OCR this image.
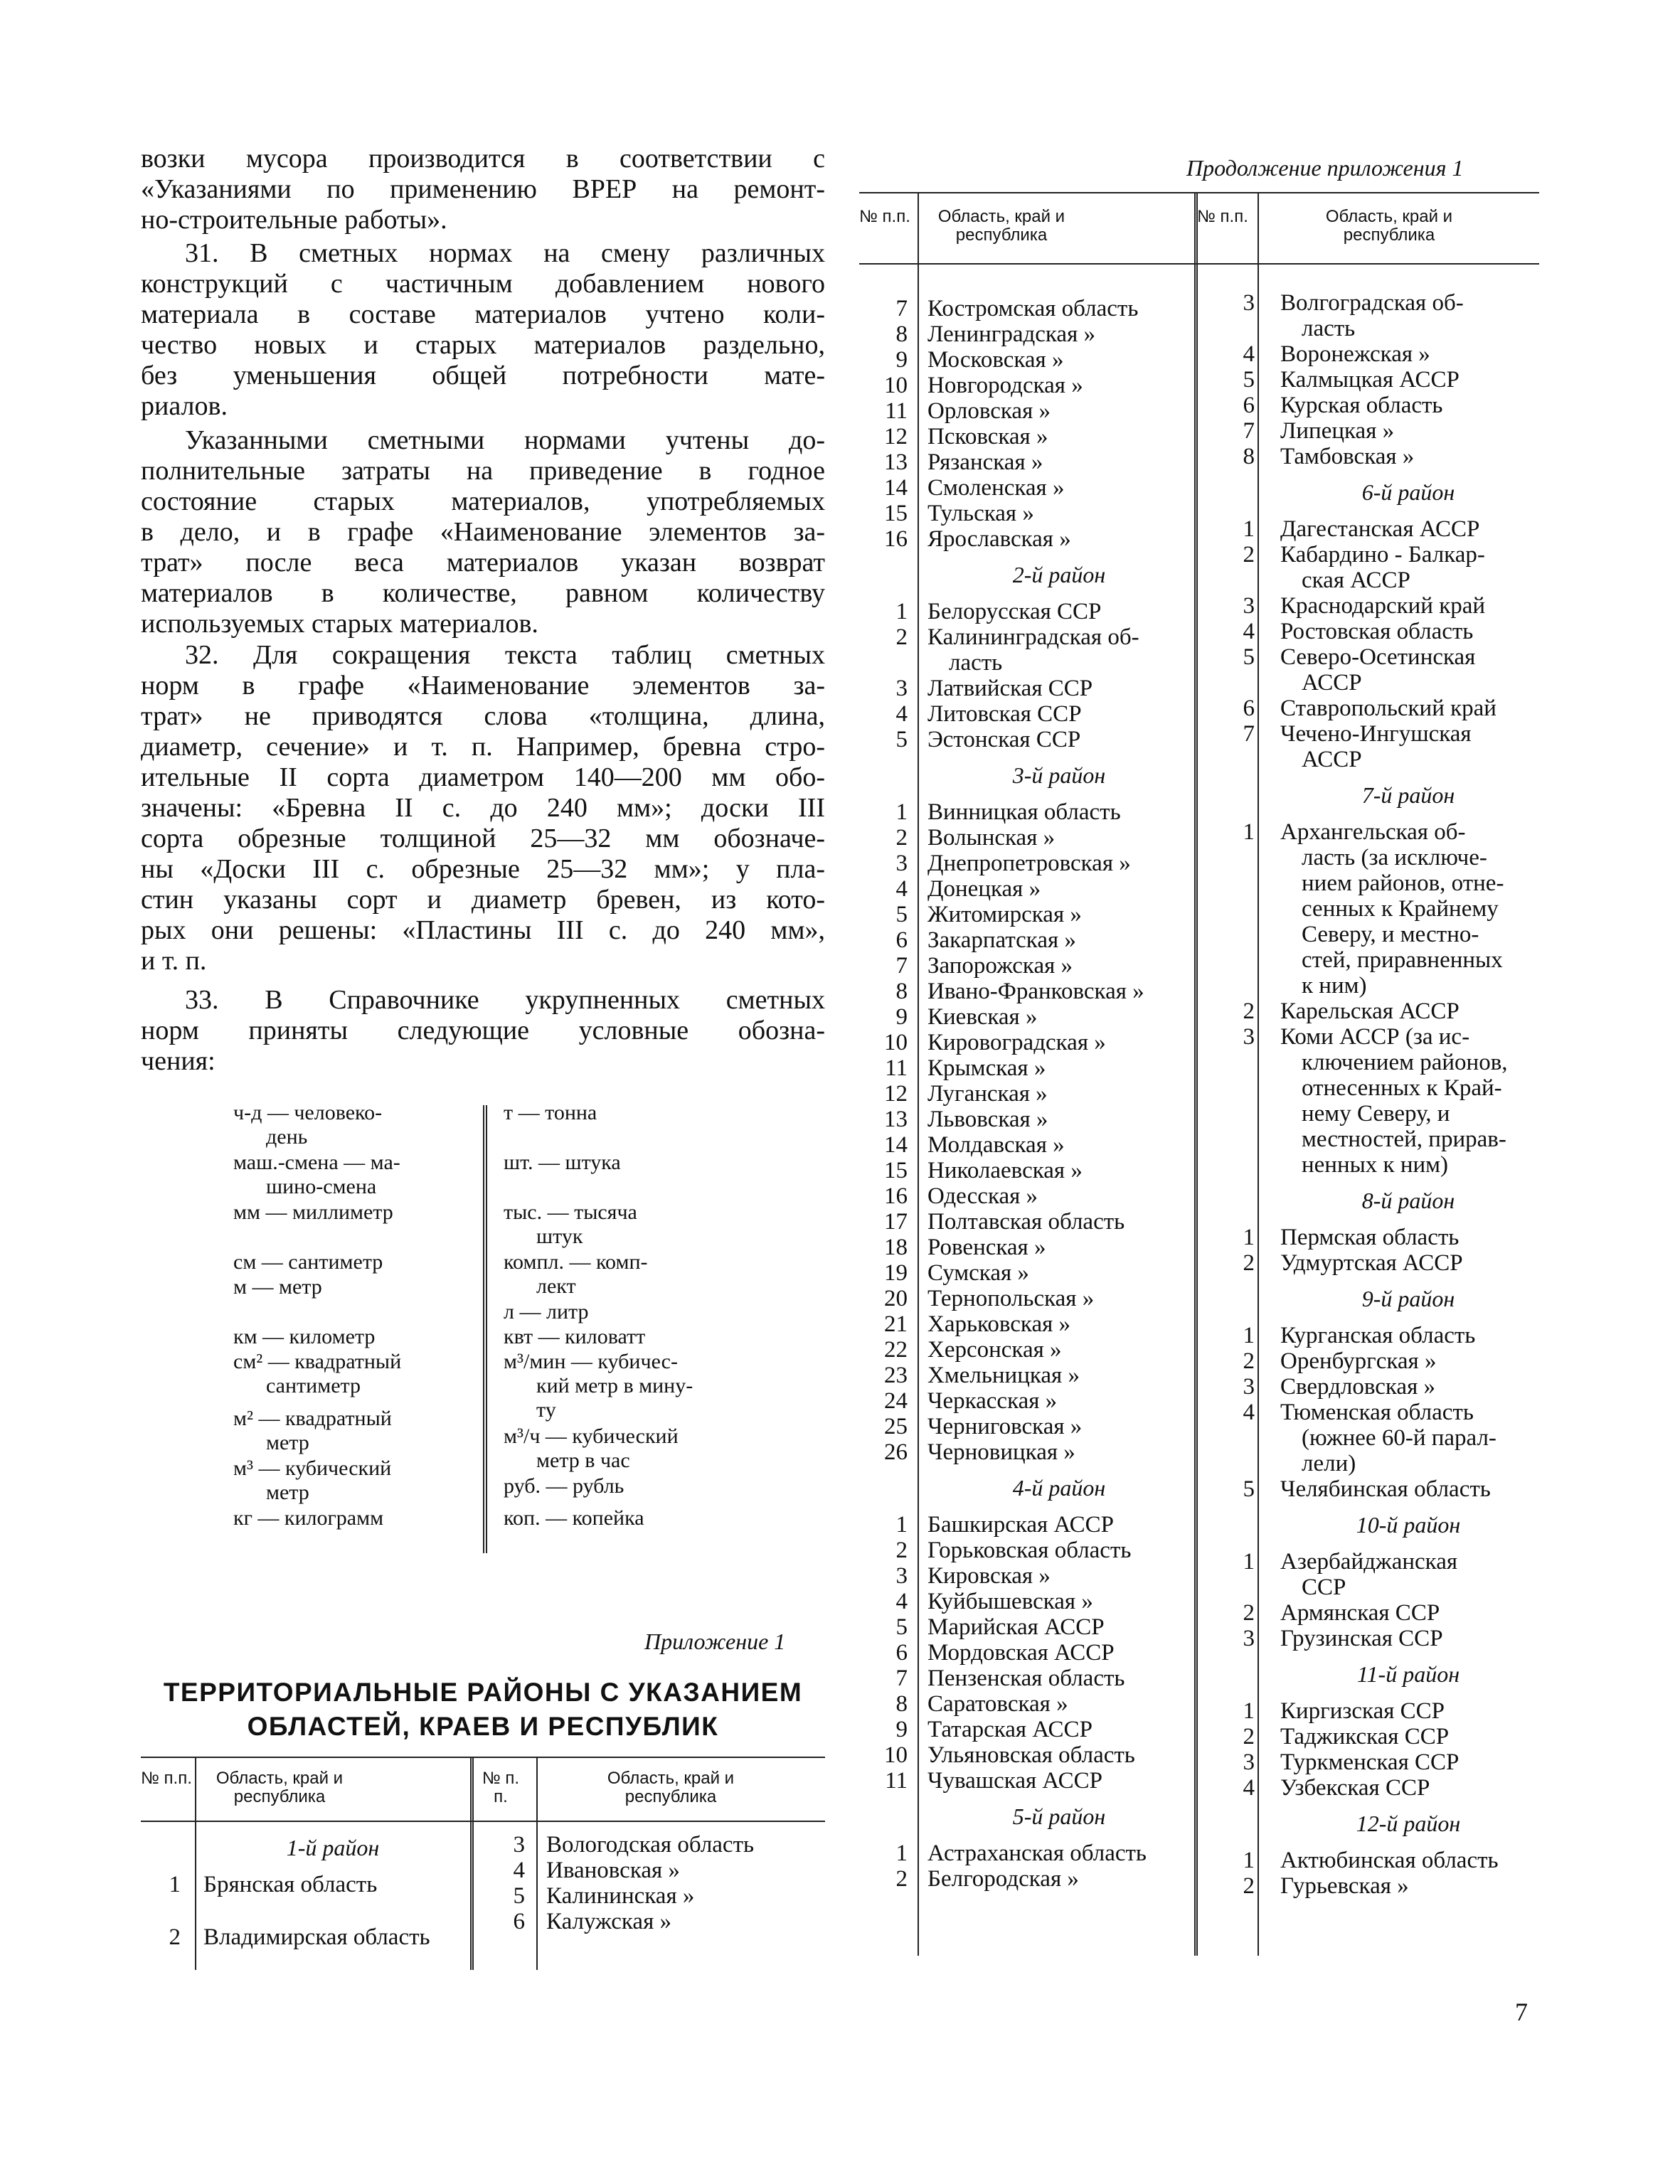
возки мусора производится в соответствии с
«Указаниями по применению ВРЕР на ремонт-
но-строительные работы».
31. В сметных нормах на смену различных
конструкций с частичным добавлением нового
материала в составе материалов учтено коли-
чество новых и старых материалов раздельно,
без уменьшения общей потребности мате-
риалов.
Указанными сметными нормами учтены до-
полнительные затраты на приведение в годное
состояние старых материалов, употребляемых
в дело, и в графе «Наименование элементов за-
трат» после веса материалов указан возврат
материалов в количестве, равном количеству
используемых старых материалов.
32. Для сокращения текста таблиц сметных
норм в графе «Наименование элементов за-
трат» не приводятся слова «толщина, длина,
диаметр, сечение» и т. п. Например, бревна стро-
ительные II сорта диаметром 140—200 мм обо-
значены: «Бревна II с. до 240 мм»; доски III
сорта обрезные толщиной 25—32 мм обозначе-
ны «Доски III с. обрезные 25—32 мм»; у пла-
стин указаны сорт и диаметр бревен, из кото-
рых они решены: «Пластины III с. до 240 мм»,
и т. п.
33. В Справочнике укрупненных сметных
норм приняты следующие условные обозна-
чения:
ч-д — человеко-
день
маш.-смена — ма-
шино-смена
мм — миллиметр
см — сантиметр
м — метр
км — километр
см² — квадратный
сантиметр
м² — квадратный
метр
м³ — кубический
метр
кг — килограмм
т — тонна
шт. — штука
тыс. — тысяча
штук
компл. — комп-
лект
л — литр
квт — киловатт
м³/мин — кубичес-
кий метр в мину-
ту
м³/ч — кубический
метр в час
руб. — рубль
коп. — копейка
Приложение 1
ТЕРРИТОРИАЛЬНЫЕ РАЙОНЫ С УКАЗАНИЕМ
ОБЛАСТЕЙ, КРАЕВ И РЕСПУБЛИК
№ п.п.	Область, край и республика
№ п. п.
Область, край и республика
1-й район
1 Брянская область
2 Владимирская область
3 Вологодская область
4 Ивановская »
5 Калининская »
6 Калужская »
Продолжение приложения 1
№ п.п.	Область, край и республика
№ п.п.	Область, край и республика
7 Костромская область
8 Ленинградская »
9 Московская »
10 Новгородская »
11 Орловская »
12 Псковская »
13 Рязанская »
14 Смоленская »
15 Тульская »
16 Ярославская »
2-й район
1 Белорусская ССР
2 Калининградская об-
ласть
3 Латвийская ССР
4 Литовская ССР
5 Эстонская ССР
3-й район
1 Винницкая область
2 Волынская »
3 Днепропетровская »
4 Донецкая »
5 Житомирская »
6 Закарпатская »
7 Запорожская »
8 Ивано-Франковская »
9 Киевская »
10 Кировоградская »
11 Крымская »
12 Луганская »
13 Львовская »
14 Молдавская »
15 Николаевская »
16 Одесская »
17 Полтавская область
18 Ровенская »
19 Сумская »
20 Тернопольская »
21 Харьковская »
22 Херсонская »
23 Хмельницкая »
24 Черкасская »
25 Черниговская »
26 Черновицкая »
4-й район
1 Башкирская АССР
2 Горьковская область
3 Кировская »
4 Куйбышевская »
5 Марийская АССР
6 Мордовская АССР
7 Пензенская область
8 Саратовская »
9 Татарская АССР
10 Ульяновская область
11 Чувашская АССР
5-й район
1 Астраханская область
2 Белгородская »
3 Волгоградская об-
ласть
4 Воронежская »
5 Калмыцкая АССР
6 Курская область
7 Липецкая »
8 Тамбовская »
6-й район
1 Дагестанская АССР
2 Кабардино - Балкар-
ская АССР
3 Краснодарский край
4 Ростовская область
5 Северо-Осетинская
АССР
6 Ставропольский край
7 Чечено-Ингушская
АССР
7-й район
1 Архангельская об-
ласть (за исключе-
нием районов, отне-
сенных к Крайнему
Северу, и местно-
стей, приравненных
к ним)
2 Карельская АССР
3 Коми АССР (за ис-
ключением районов,
отнесенных к Край-
нему Северу, и
местностей, прирав-
ненных к ним)
8-й район
1 Пермская область
2 Удмуртская АССР
9-й район
1 Курганская область
2 Оренбургская »
3 Свердловская »
4 Тюменская область
(южнее 60-й парал-
лели)
5 Челябинская область
10-й район
1 Азербайджанская
ССР
2 Армянская ССР
3 Грузинская ССР
11-й район
1 Киргизская ССР
2 Таджикская ССР
3 Туркменская ССР
4 Узбекская ССР
12-й район
1 Актюбинская область
2 Гурьевская »
7
